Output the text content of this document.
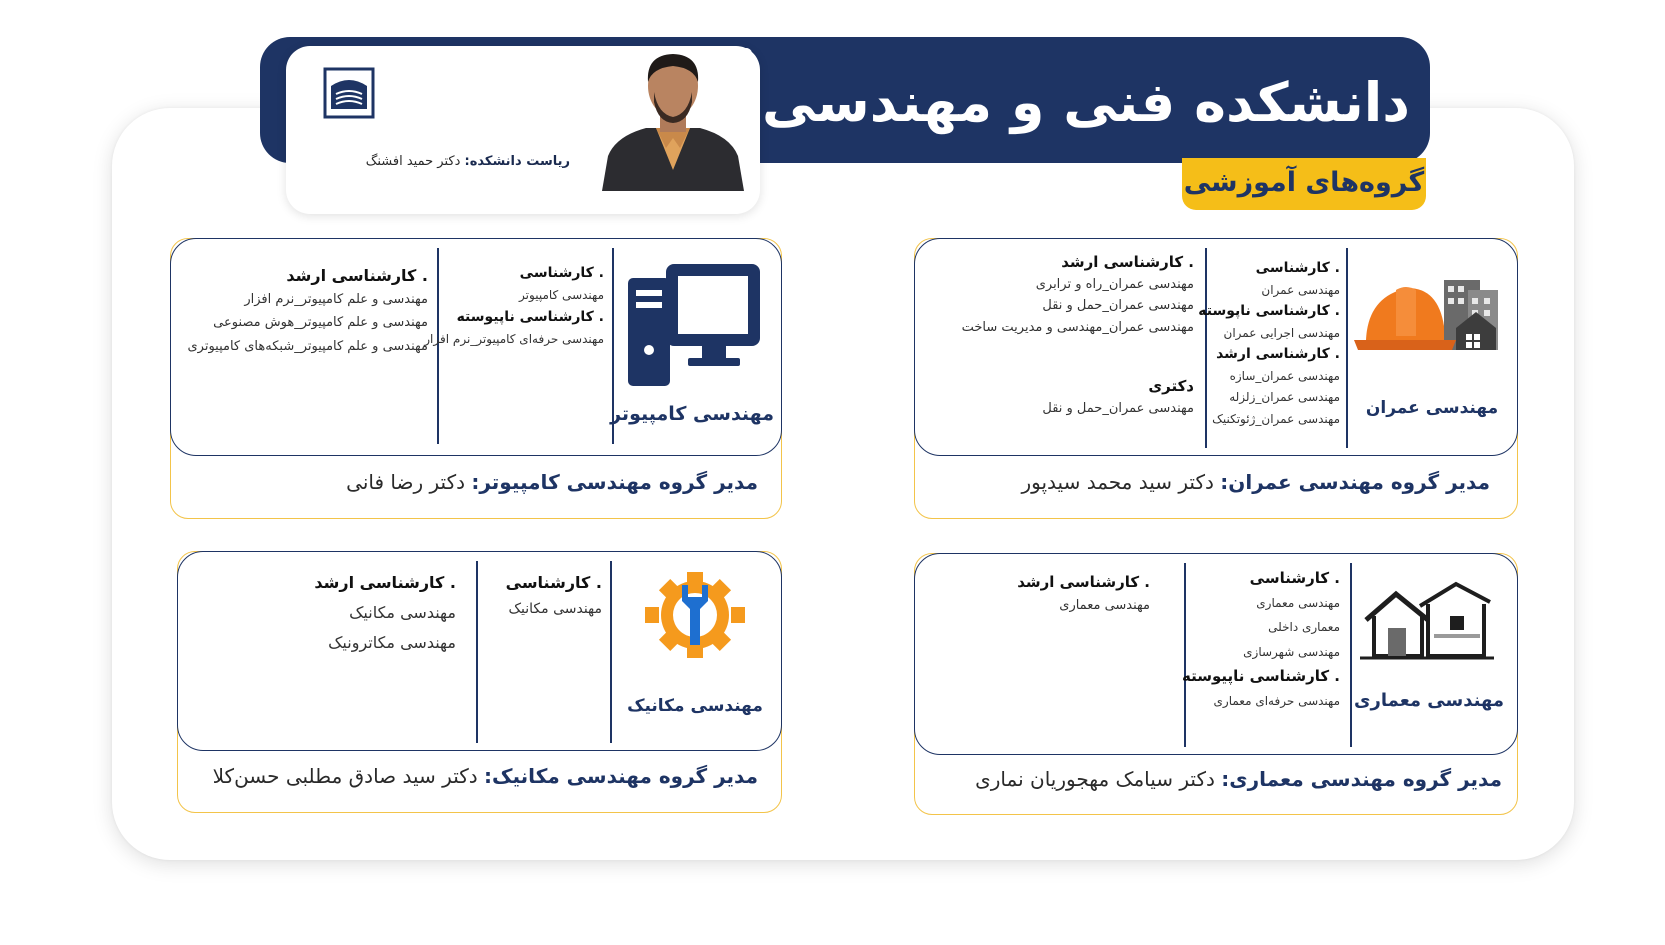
دانشکده فنی و مهندسی
گروه‌های آموزشی
ریاست دانشکده: دکتر حمید افشنگ
مهندسی عمران
. کارشناسی
مهندسی عمران
. کارشناسی ناپوسته
مهندسی اجرایی عمران
. کارشناسی ارشد
مهندسی عمران_سازه
مهندسی عمران_زلزله
مهندسی عمران_ژئوتکنیک
. کارشناسی ارشد
مهندسی عمران_راه و ترابری
مهندسی عمران_حمل و نقل
مهندسی عمران_مهندسی و مدیریت ساخت
دکتری
مهندسی عمران_حمل و نقل
مدیر گروه مهندسی عمران: دکتر سید محمد سیدپور
مهندسی کامپیوتر
. کارشناسی
مهندسی کامپیوتر
. کارشناسی ناپیوسته
مهندسی حرفه‌ای کامپیوتر_نرم افزار
. کارشناسی ارشد
مهندسی و علم کامپیوتر_نرم افزار
مهندسی و علم کامپیوتر_هوش مصنوعی
مهندسی و علم کامپیوتر_شبکه‌های کامپیوتری
مدیر گروه مهندسی کامپیوتر: دکتر رضا فانی
مهندسی معماری
. کارشناسی
مهندسی معماری
معماری داخلی
مهندسی شهرسازی
. کارشناسی ناپیوسته
مهندسی حرفه‌ای معماری
. کارشناسی ارشد
مهندسی معماری
مدیر گروه مهندسی معماری: دکتر سیامک مهجوریان نماری
مهندسی مکانیک
. کارشناسی
مهندسی مکانیک
. کارشناسی ارشد
مهندسی مکانیک
مهندسی مکاترونیک
مدیر گروه مهندسی مکانیک: دکتر سید صادق مطلبی حسن‌کلا
